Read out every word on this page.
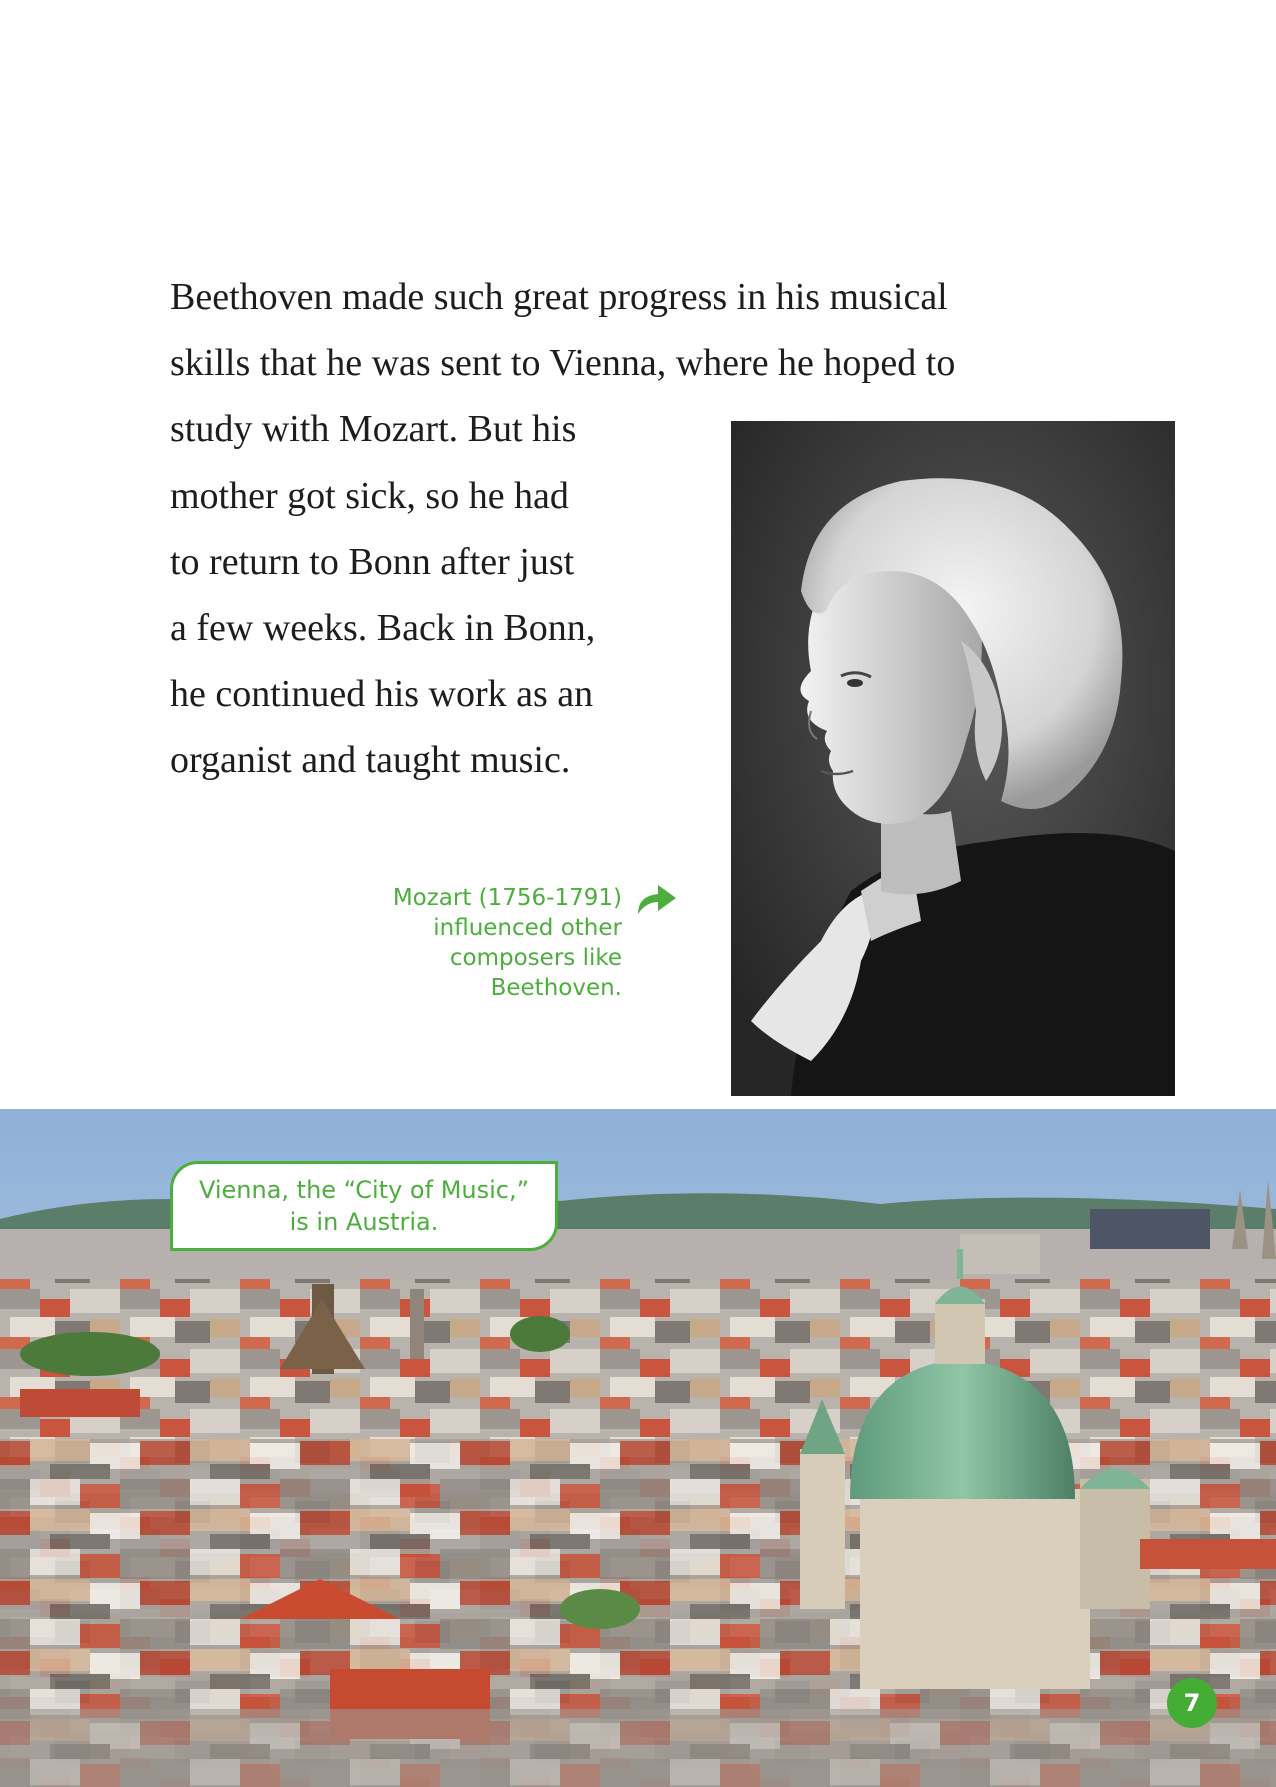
Beethoven made such great progress in his musical
skills that he was sent to Vienna, where he hoped to
study with Mozart. But his
mother got sick, so he had
to return to Bonn after just
a few weeks. Back in Bonn,
he continued his work as an
organist and taught music.
Mozart (1756-1791)
influenced other
composers like
Beethoven.
Vienna, the “City of Music,”
is in Austria.
7
